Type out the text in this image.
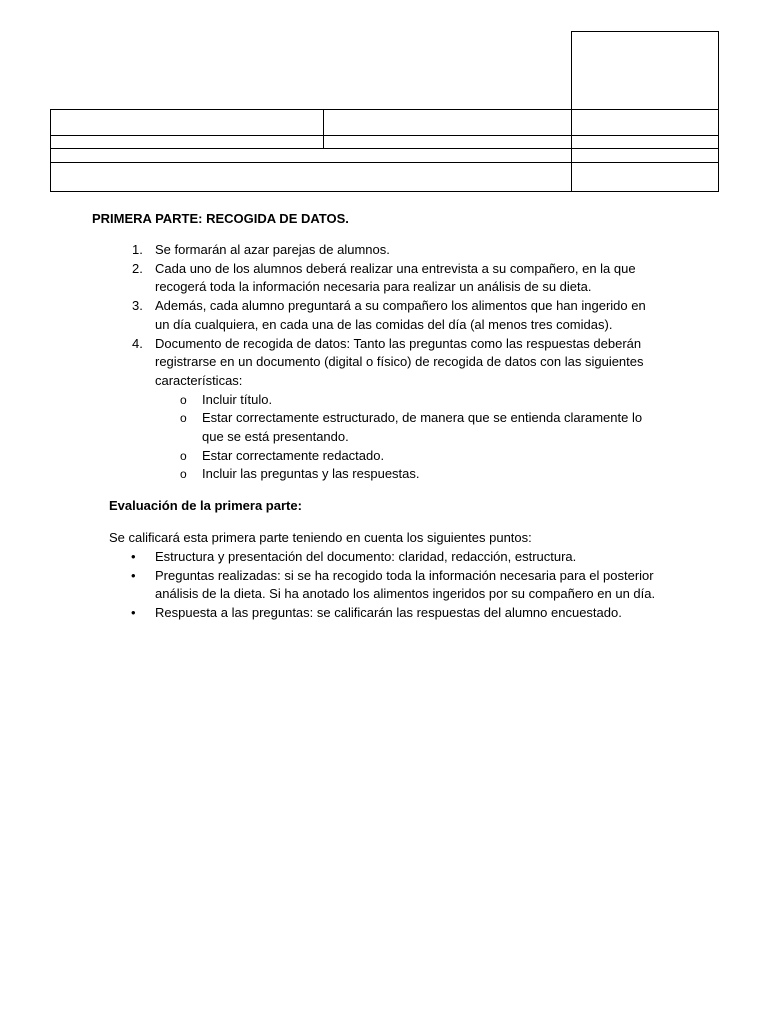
PRIMERA PARTE: RECOGIDA DE DATOS.
1. Se formarán al azar parejas de alumnos.
2. Cada uno de los alumnos deberá realizar una entrevista a su compañero, en la que recogerá toda la información necesaria para realizar un análisis de su dieta.
3. Además, cada alumno preguntará a su compañero los alimentos que han ingerido en un día cualquiera, en cada una de las comidas del día (al menos tres comidas).
4. Documento de recogida de datos: Tanto las preguntas como las respuestas deberán registrarse en un documento (digital o físico) de recogida de datos con las siguientes características:
o Incluir título.
o Estar correctamente estructurado, de manera que se entienda claramente lo que se está presentando.
o Estar correctamente redactado.
o Incluir las preguntas y las respuestas.
Evaluación de la primera parte:
Se calificará esta primera parte teniendo en cuenta los siguientes puntos:
• Estructura y presentación del documento: claridad, redacción, estructura.
• Preguntas realizadas: si se ha recogido toda la información necesaria para el posterior análisis de la dieta. Si ha anotado los alimentos ingeridos por su compañero en un día.
• Respuesta a las preguntas: se calificarán las respuestas del alumno encuestado.
